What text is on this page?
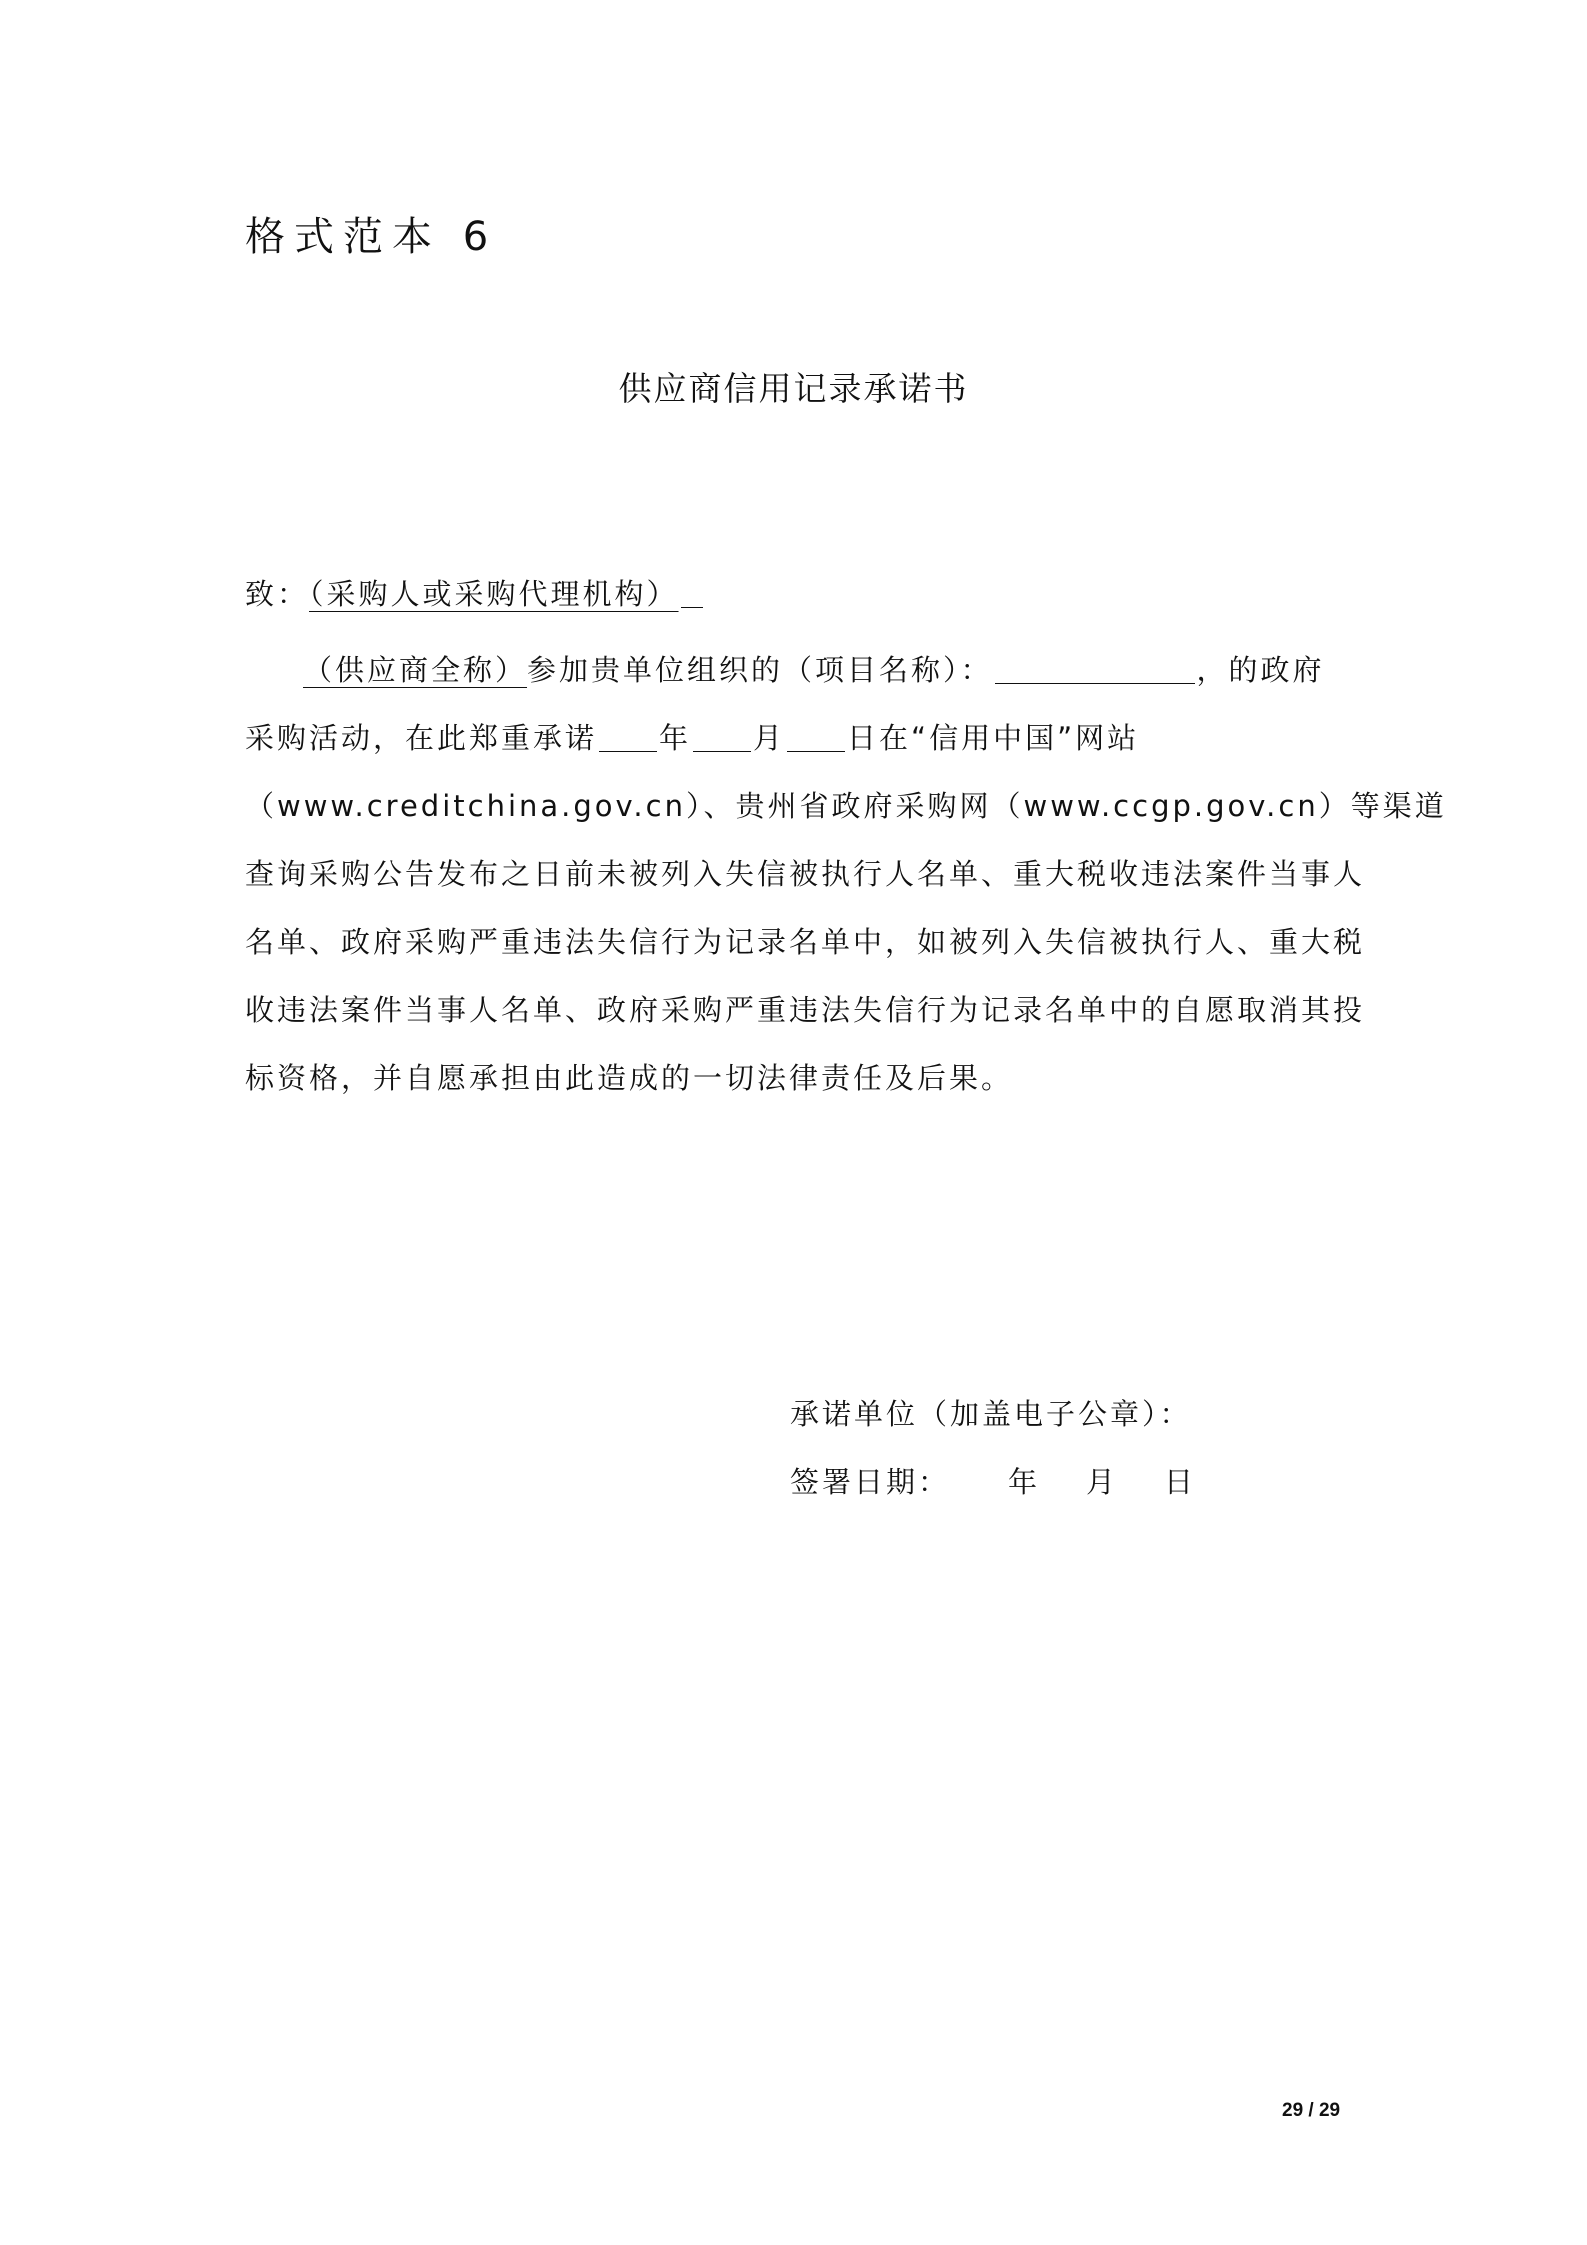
格式范本 6
供应商信用记录承诺书
致：（采购人或采购代理机构）
（供应商全称）参加贵单位组织的（项目名称）：	，的政府
采购活动，在此郑重承诺 年 月 日在“信用中国”网站
（www.creditchina.gov.cn）、贵州省政府采购网（www.ccgp.gov.cn）等渠道
查询采购公告发布之日前未被列入失信被执行人名单、重大税收违法案件当事人
名单、政府采购严重违法失信行为记录名单中，如被列入失信被执行人、重大税
收违法案件当事人名单、政府采购严重违法失信行为记录名单中的自愿取消其投
标资格，并自愿承担由此造成的一切法律责任及后果。
承诺单位（加盖电子公章）：
签署日期： 年 月 日
29 / 29
